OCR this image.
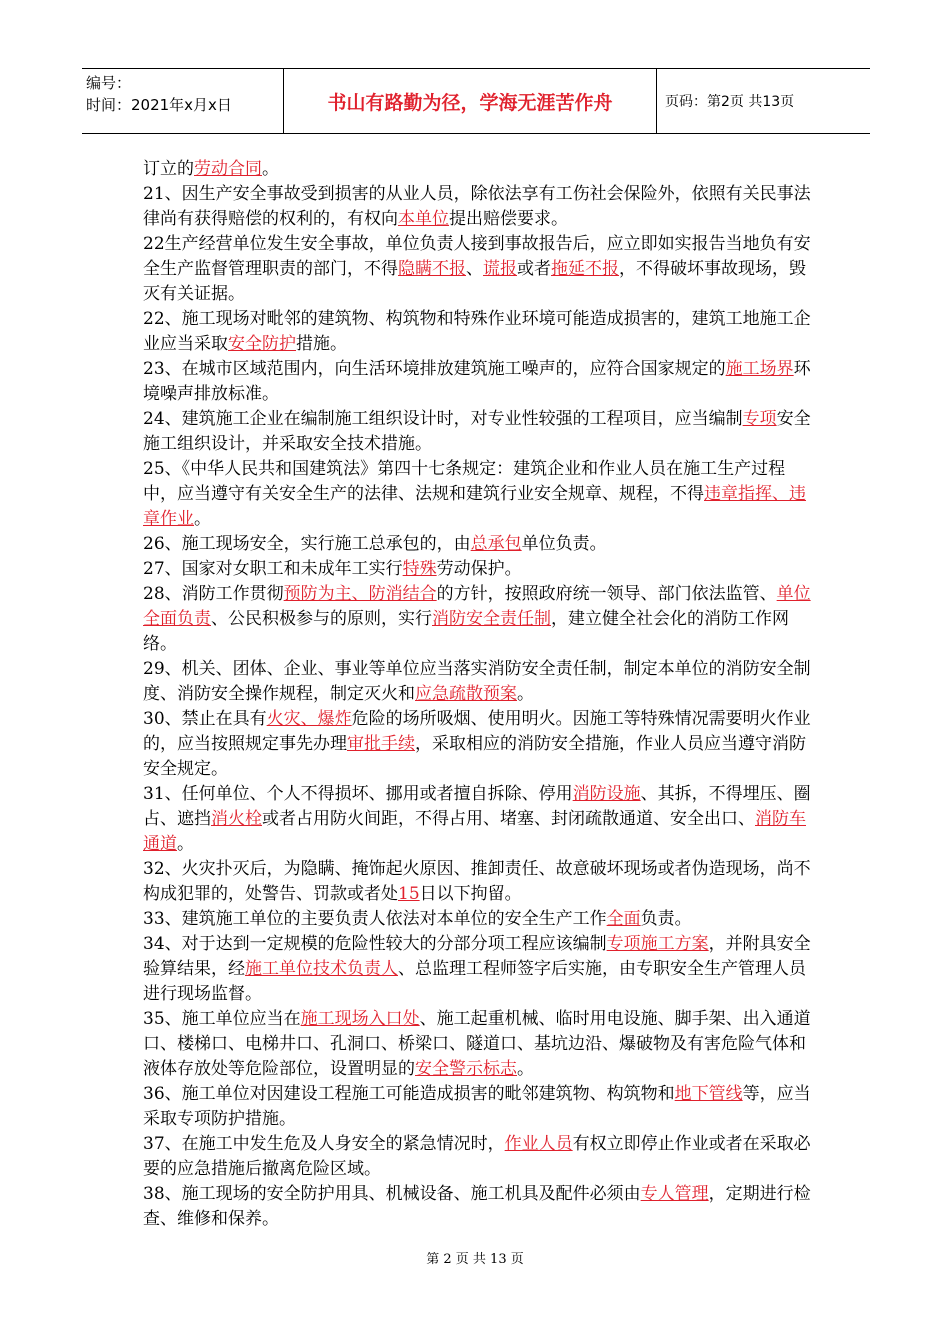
编号：
时间：2021年x月x日	书山有路勤为径，学海无涯苦作舟	页码：第2页 共13页

订立的劳动合同。

21、因生产安全事故受到损害的从业人员，除依法享有工伤社会保险外，依照有关民事法律尚有获得赔偿的权利的，有权向本单位提出赔偿要求。

22生产经营单位发生安全事故，单位负责人接到事故报告后，应立即如实报告当地负有安全生产监督管理职责的部门，不得隐瞒不报、谎报或者拖延不报，不得破坏事故现场，毁灭有关证据。

22、施工现场对毗邻的建筑物、构筑物和特殊作业环境可能造成损害的，建筑工地施工企业应当采取安全防护措施。

23、在城市区域范围内，向生活环境排放建筑施工噪声的，应符合国家规定的施工场界环境噪声排放标准。

24、建筑施工企业在编制施工组织设计时，对专业性较强的工程项目，应当编制专项安全施工组织设计，并采取安全技术措施。

25、《中华人民共和国建筑法》第四十七条规定：建筑企业和作业人员在施工生产过程中，应当遵守有关安全生产的法律、法规和建筑行业安全规章、规程，不得违章指挥、违章作业。

26、施工现场安全，实行施工总承包的，由总承包单位负责。

27、国家对女职工和未成年工实行特殊劳动保护。

28、消防工作贯彻预防为主、防消结合的方针，按照政府统一领导、部门依法监管、单位全面负责、公民积极参与的原则，实行消防安全责任制，建立健全社会化的消防工作网络。

29、机关、团体、企业、事业等单位应当落实消防安全责任制，制定本单位的消防安全制度、消防安全操作规程，制定灭火和应急疏散预案。

30、禁止在具有火灾、爆炸危险的场所吸烟、使用明火。因施工等特殊情况需要明火作业的，应当按照规定事先办理审批手续，采取相应的消防安全措施，作业人员应当遵守消防安全规定。

31、任何单位、个人不得损坏、挪用或者擅自拆除、停用消防设施、其拆，不得埋压、圈占、遮挡消火栓或者占用防火间距，不得占用、堵塞、封闭疏散通道、安全出口、消防车通道。

32、火灾扑灭后，为隐瞒、掩饰起火原因、推卸责任、故意破坏现场或者伪造现场，尚不构成犯罪的，处警告、罚款或者处15日以下拘留。

33、建筑施工单位的主要负责人依法对本单位的安全生产工作全面负责。

34、对于达到一定规模的危险性较大的分部分项工程应该编制专项施工方案，并附具安全验算结果，经施工单位技术负责人、总监理工程师签字后实施，由专职安全生产管理人员进行现场监督。

35、施工单位应当在施工现场入口处、施工起重机械、临时用电设施、脚手架、出入通道口、楼梯口、电梯井口、孔洞口、桥梁口、隧道口、基坑边沿、爆破物及有害危险气体和液体存放处等危险部位，设置明显的安全警示标志。

36、施工单位对因建设工程施工可能造成损害的毗邻建筑物、构筑物和地下管线等，应当采取专项防护措施。

37、在施工中发生危及人身安全的紧急情况时，作业人员有权立即停止作业或者在采取必要的应急措施后撤离危险区域。

38、施工现场的安全防护用具、机械设备、施工机具及配件必须由专人管理，定期进行检查、维修和保养。

第 2 页 共 13 页
